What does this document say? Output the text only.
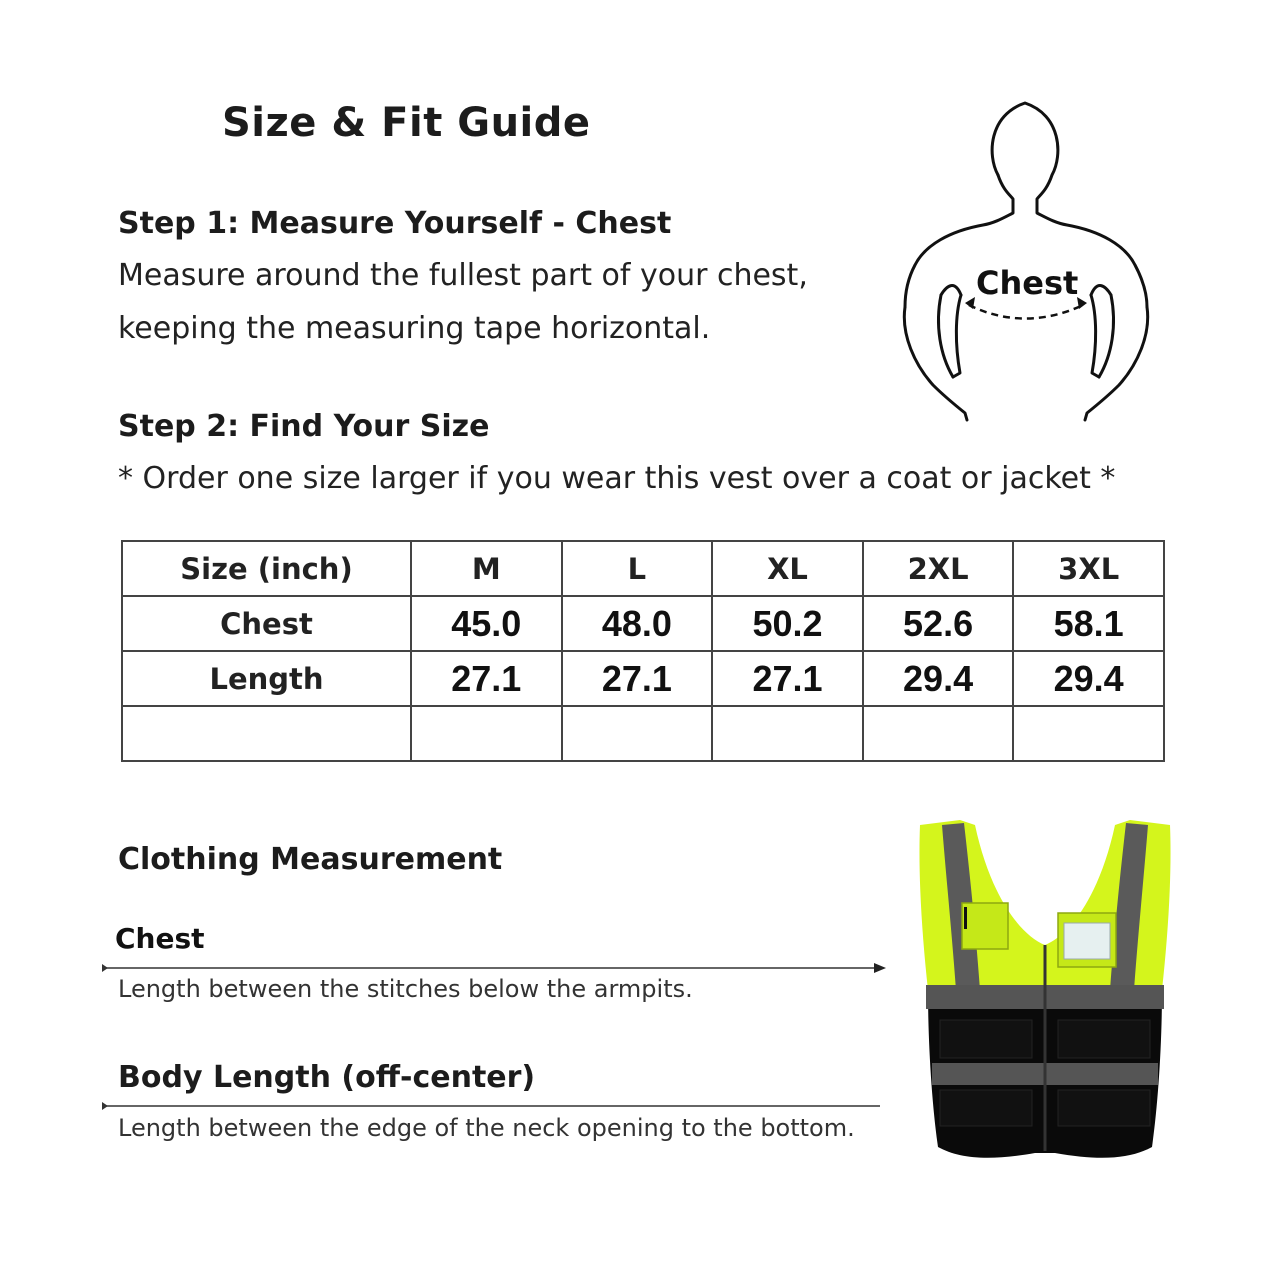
Size & Fit Guide
Step 1: Measure Yourself - Chest
Measure around the fullest part of your chest,
keeping the measuring tape horizontal.
Chest
Step 2: Find Your Size
* Order one size larger if you wear this vest over a coat or jacket *
Size (inch)	M	L	XL	2XL	3XL
Chest	45.0	48.0	50.2	52.6	58.1
Length	27.1	27.1	27.1	29.4	29.4

Clothing Measurement
Chest
Length between the stitches below the armpits.
Body Length (off-center)
Length between the edge of the neck opening to the bottom.
